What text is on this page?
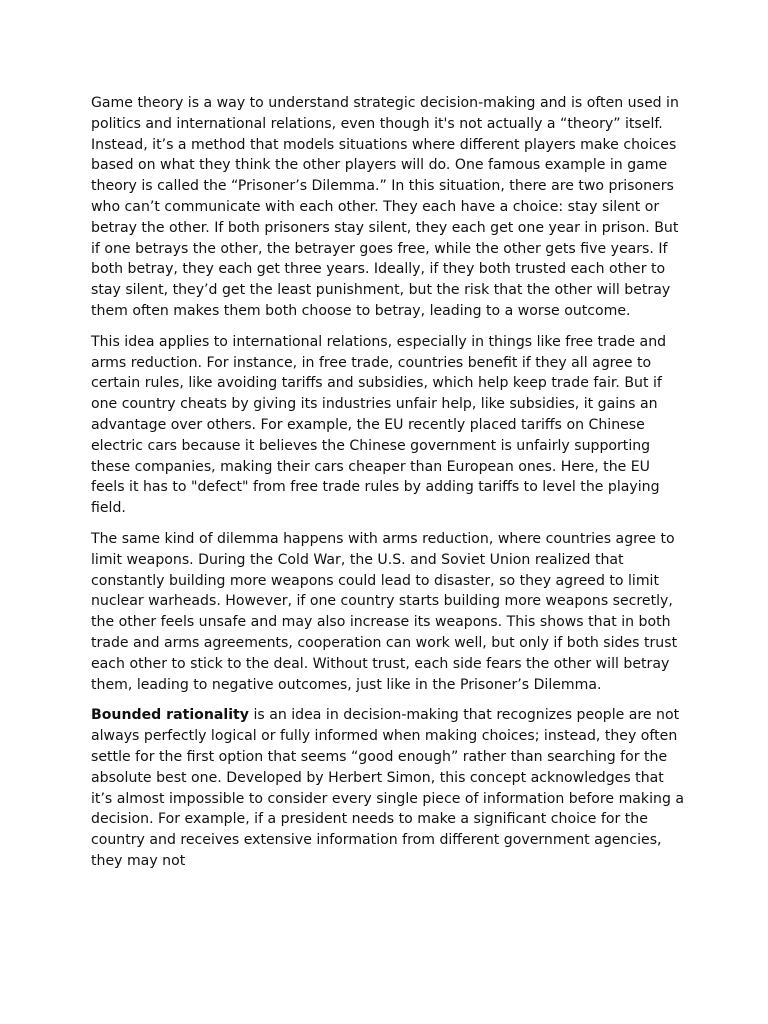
Game theory is a way to understand strategic decision-making and is often used in politics and international relations, even though it's not actually a “theory” itself. Instead, it’s a method that models situations where different players make choices based on what they think the other players will do. One famous example in game theory is called the “Prisoner’s Dilemma.” In this situation, there are two prisoners who can’t communicate with each other. They each have a choice: stay silent or betray the other. If both prisoners stay silent, they each get one year in prison. But if one betrays the other, the betrayer goes free, while the other gets five years. If both betray, they each get three years. Ideally, if they both trusted each other to stay silent, they’d get the least punishment, but the risk that the other will betray them often makes them both choose to betray, leading to a worse outcome.

This idea applies to international relations, especially in things like free trade and arms reduction. For instance, in free trade, countries benefit if they all agree to certain rules, like avoiding tariffs and subsidies, which help keep trade fair. But if one country cheats by giving its industries unfair help, like subsidies, it gains an advantage over others. For example, the EU recently placed tariffs on Chinese electric cars because it believes the Chinese government is unfairly supporting these companies, making their cars cheaper than European ones. Here, the EU feels it has to "defect" from free trade rules by adding tariffs to level the playing field.

The same kind of dilemma happens with arms reduction, where countries agree to limit weapons. During the Cold War, the U.S. and Soviet Union realized that constantly building more weapons could lead to disaster, so they agreed to limit nuclear warheads. However, if one country starts building more weapons secretly, the other feels unsafe and may also increase its weapons. This shows that in both trade and arms agreements, cooperation can work well, but only if both sides trust each other to stick to the deal. Without trust, each side fears the other will betray them, leading to negative outcomes, just like in the Prisoner’s Dilemma.

Bounded rationality is an idea in decision-making that recognizes people are not always perfectly logical or fully informed when making choices; instead, they often settle for the first option that seems “good enough” rather than searching for the absolute best one. Developed by Herbert Simon, this concept acknowledges that it’s almost impossible to consider every single piece of information before making a decision. For example, if a president needs to make a significant choice for the country and receives extensive information from different government agencies, they may not
